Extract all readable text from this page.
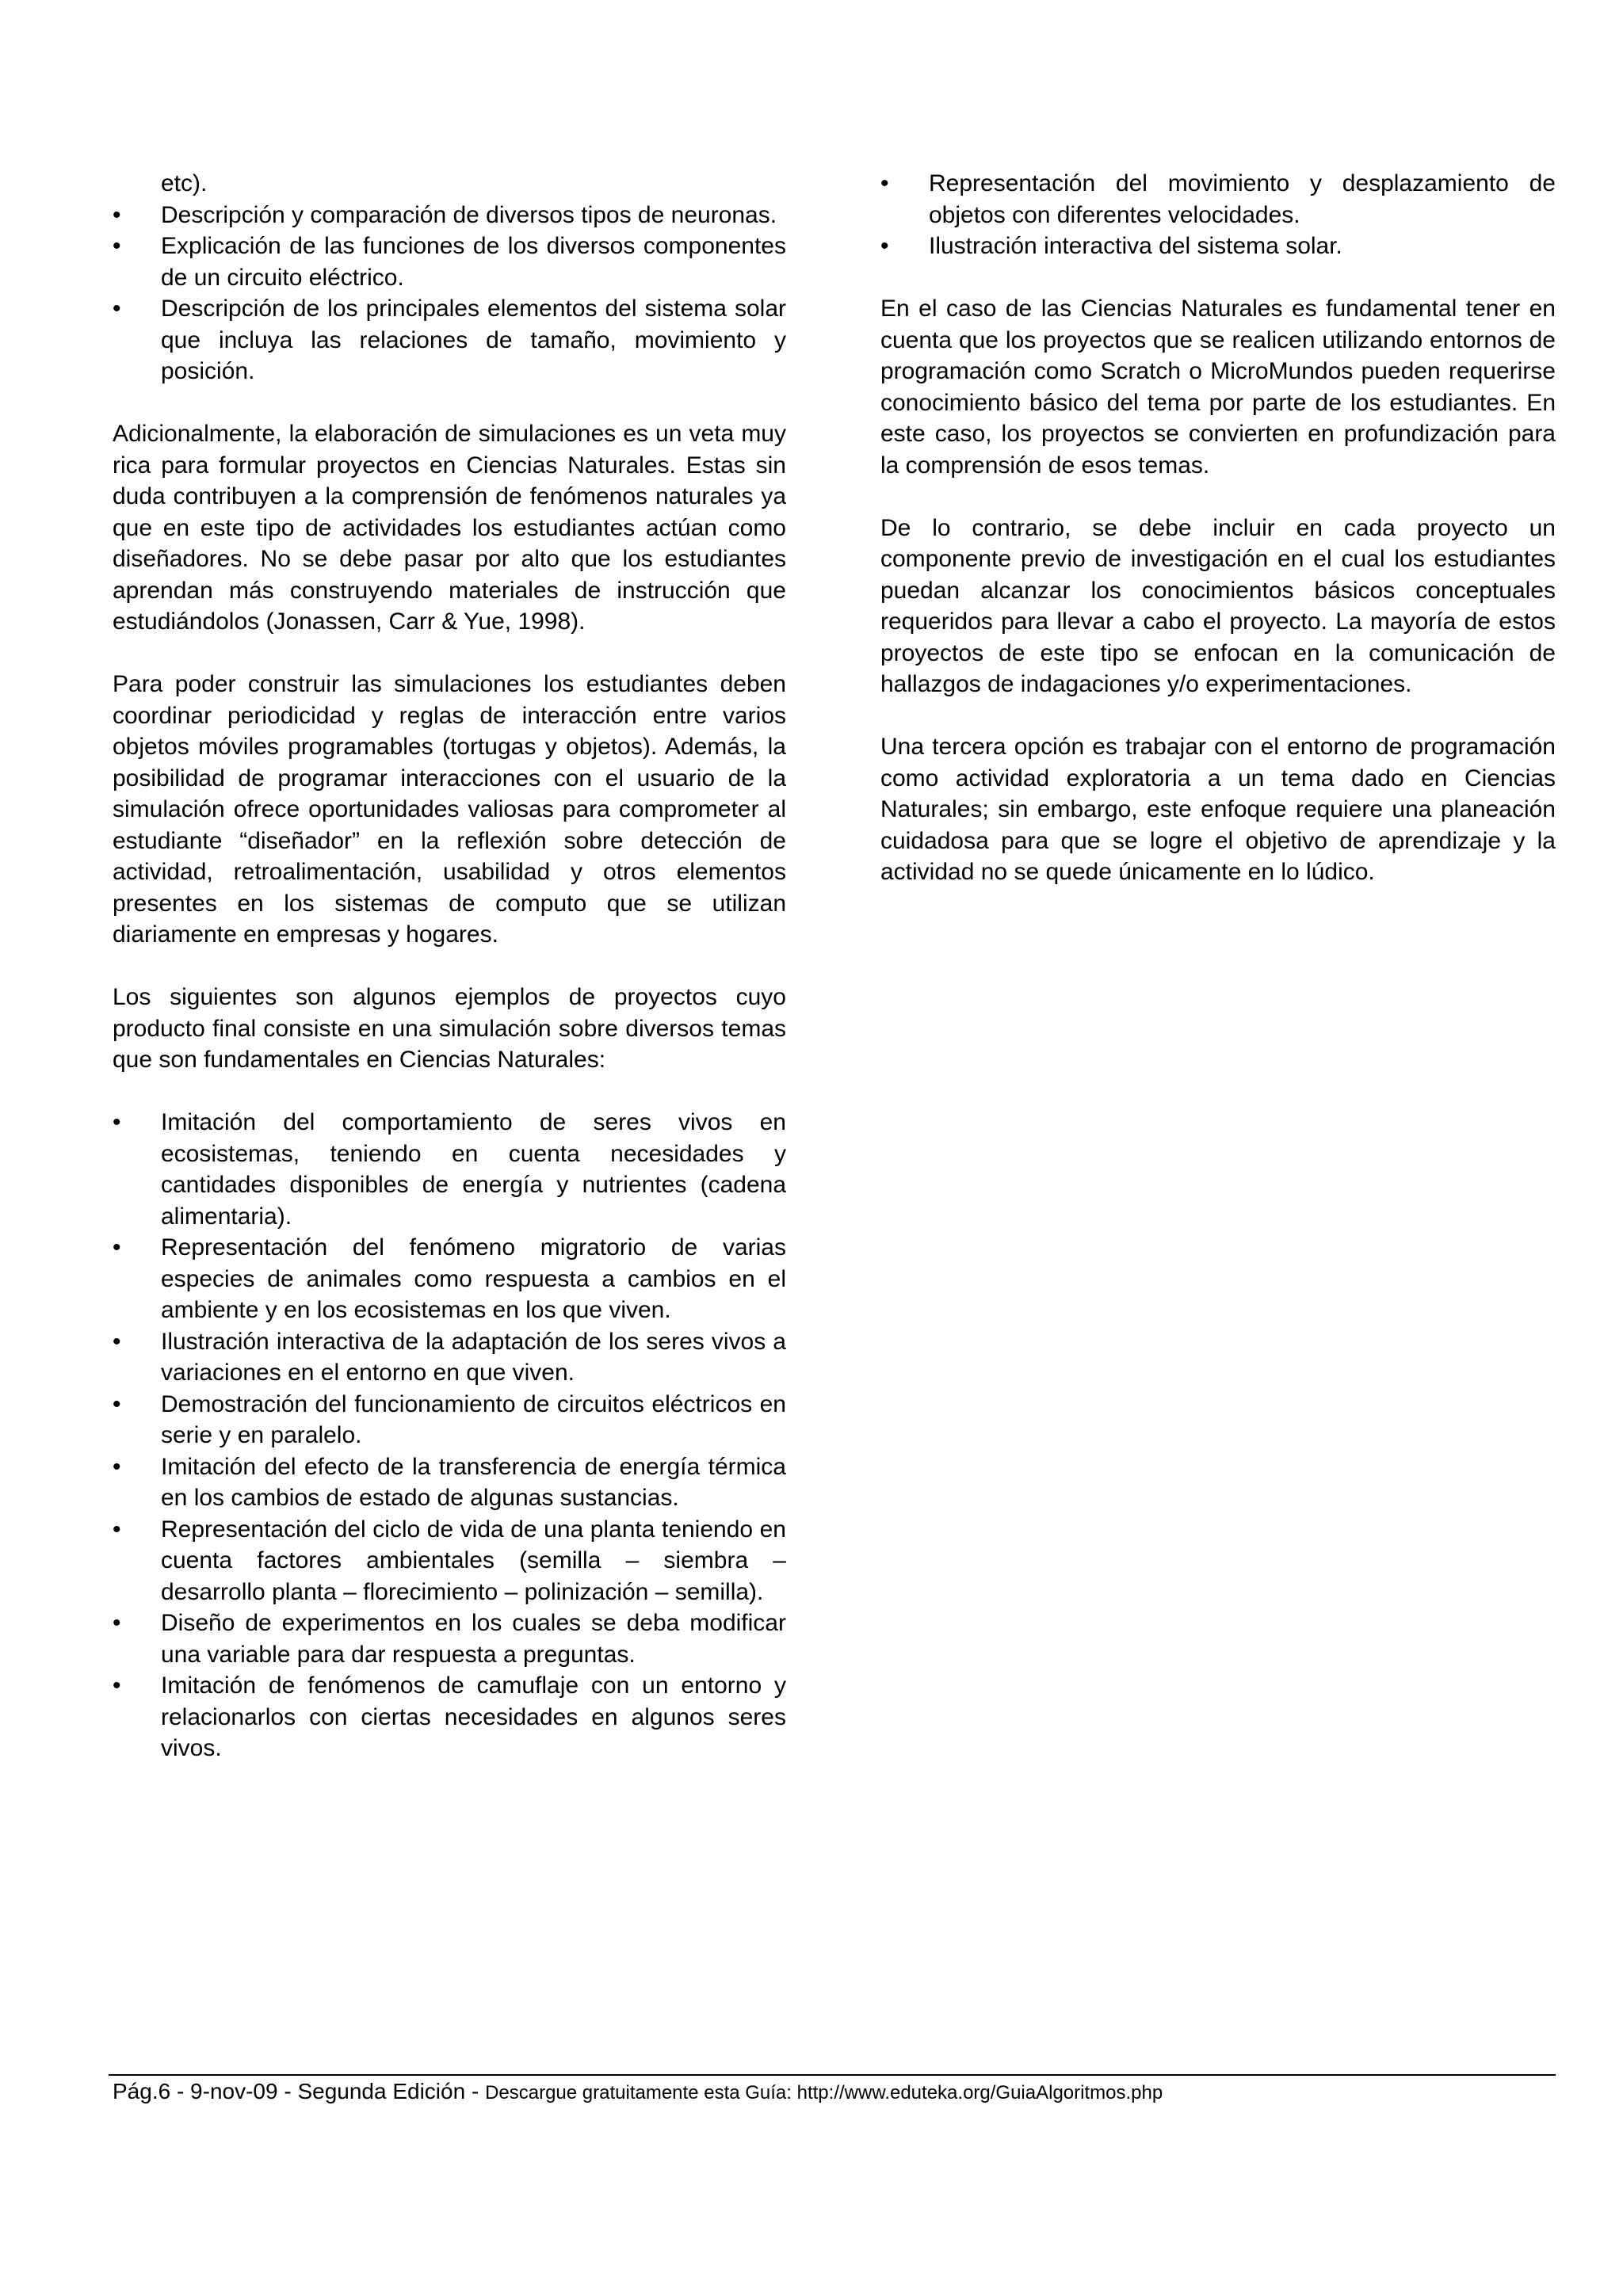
etc).

• Descripción y comparación de diversos tipos de neuronas.
• Explicación de las funciones de los diversos componentes de un circuito eléctrico.
• Descripción de los principales elementos del sistema solar que incluya las relaciones de tamaño, movimiento y posición.

Adicionalmente, la elaboración de simulaciones es un veta muy rica para formular proyectos en Ciencias Naturales. Estas sin duda contribuyen a la comprensión de fenómenos naturales ya que en este tipo de actividades los estudiantes actúan como diseñadores. No se debe pasar por alto que los estudiantes aprendan más construyendo materiales de instrucción que estudiándolos (Jonassen, Carr & Yue, 1998).

Para poder construir las simulaciones los estudiantes deben coordinar periodicidad y reglas de interacción entre varios objetos móviles programables (tortugas y objetos). Además, la posibilidad de programar interacciones con el usuario de la simulación ofrece oportunidades valiosas para comprometer al estudiante “diseñador” en la reflexión sobre detección de actividad, retroalimentación, usabilidad y otros elementos presentes en los sistemas de computo que se utilizan diariamente en empresas y hogares.

Los siguientes son algunos ejemplos de proyectos cuyo producto final consiste en una simulación sobre diversos temas que son fundamentales en Ciencias Naturales:

• Imitación del comportamiento de seres vivos en ecosistemas, teniendo en cuenta necesidades y cantidades disponibles de energía y nutrientes (cadena alimentaria).
• Representación del fenómeno migratorio de varias especies de animales como respuesta a cambios en el ambiente y en los ecosistemas en los que viven.
• Ilustración interactiva de la adaptación de los seres vivos a variaciones en el entorno en que viven.
• Demostración del funcionamiento de circuitos eléctricos en serie y en paralelo.
• Imitación del efecto de la transferencia de energía térmica en los cambios de estado de algunas sustancias.
• Representación del ciclo de vida de una planta teniendo en cuenta factores ambientales (semilla – siembra – desarrollo planta – florecimiento – polinización – semilla).
• Diseño de experimentos en los cuales se deba modificar una variable para dar respuesta a preguntas.
• Imitación de fenómenos de camuflaje con un entorno y relacionarlos con ciertas necesidades en algunos seres vivos.
• Representación del movimiento y desplazamiento de objetos con diferentes velocidades.
• Ilustración interactiva del sistema solar.

En el caso de las Ciencias Naturales es fundamental tener en cuenta que los proyectos que se realicen utilizando entornos de programación como Scratch o MicroMundos pueden requerirse conocimiento básico del tema por parte de los estudiantes. En este caso, los proyectos se convierten en profundización para la comprensión de esos temas.

De lo contrario, se debe incluir en cada proyecto un componente previo de investigación en el cual los estudiantes puedan alcanzar los conocimientos básicos conceptuales requeridos para llevar a cabo el proyecto. La mayoría de estos proyectos de este tipo se enfocan en la comunicación de hallazgos de indagaciones y/o experimentaciones.

Una tercera opción es trabajar con el entorno de programación como actividad exploratoria a un tema dado en Ciencias Naturales; sin embargo, este enfoque requiere una planeación cuidadosa para que se logre el objetivo de aprendizaje y la actividad no se quede únicamente en lo lúdico.

Pág.6 - 9-nov-09 - Segunda Edición - Descargue gratuitamente esta Guía: http://www.eduteka.org/GuiaAlgoritmos.php
